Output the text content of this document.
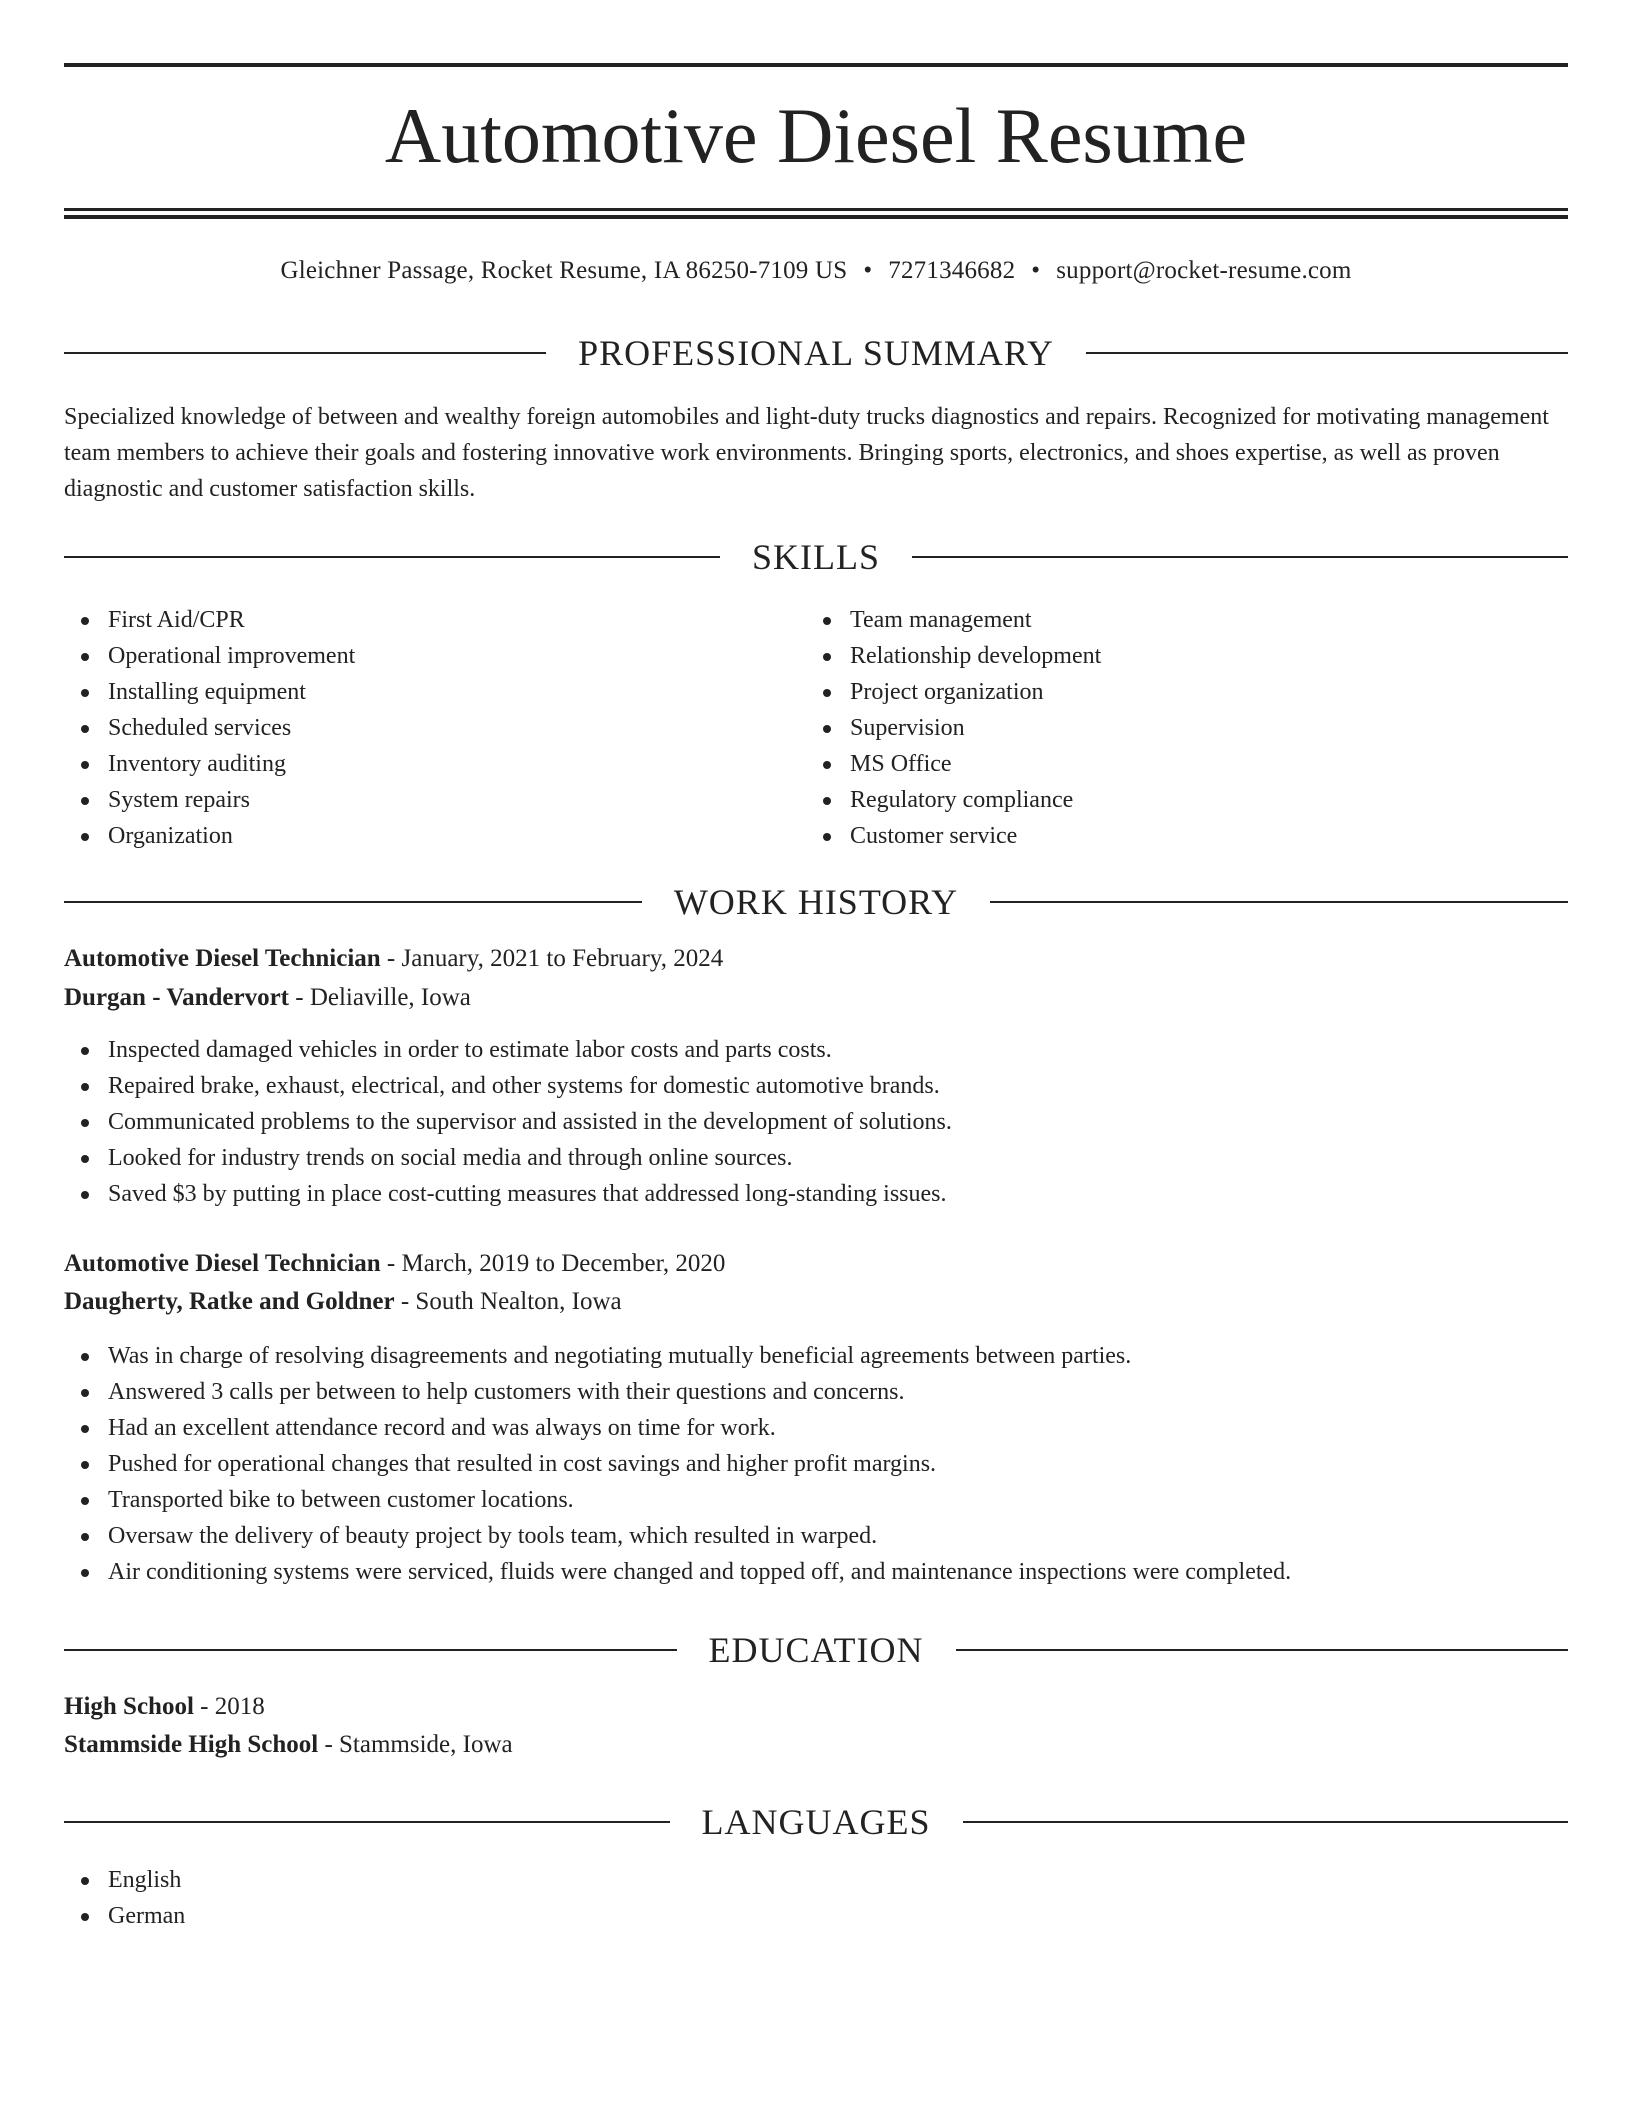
Automotive Diesel Resume
Gleichner Passage, Rocket Resume, IA 86250-7109 US • 7271346682 • support@rocket-resume.com
PROFESSIONAL SUMMARY

Specialized knowledge of between and wealthy foreign automobiles and light-duty trucks diagnostics and repairs. Recognized for motivating management team members to achieve their goals and fostering innovative work environments. Bringing sports, electronics, and shoes expertise, as well as proven diagnostic and customer satisfaction skills.

SKILLS
First Aid/CPR
Operational improvement
Installing equipment
Scheduled services
Inventory auditing
System repairs
Organization
Team management
Relationship development
Project organization
Supervision
MS Office
Regulatory compliance
Customer service
WORK HISTORY
Automotive Diesel Technician - January, 2021 to February, 2024
Durgan - Vandervort - Deliaville, Iowa
Inspected damaged vehicles in order to estimate labor costs and parts costs.
Repaired brake, exhaust, electrical, and other systems for domestic automotive brands.
Communicated problems to the supervisor and assisted in the development of solutions.
Looked for industry trends on social media and through online sources.
Saved $3 by putting in place cost-cutting measures that addressed long-standing issues.
Automotive Diesel Technician - March, 2019 to December, 2020
Daugherty, Ratke and Goldner - South Nealton, Iowa
Was in charge of resolving disagreements and negotiating mutually beneficial agreements between parties.
Answered 3 calls per between to help customers with their questions and concerns.
Had an excellent attendance record and was always on time for work.
Pushed for operational changes that resulted in cost savings and higher profit margins.
Transported bike to between customer locations.
Oversaw the delivery of beauty project by tools team, which resulted in warped.
Air conditioning systems were serviced, fluids were changed and topped off, and maintenance inspections were completed.
EDUCATION
High School - 2018
Stammside High School - Stammside, Iowa
LANGUAGES
English
German
